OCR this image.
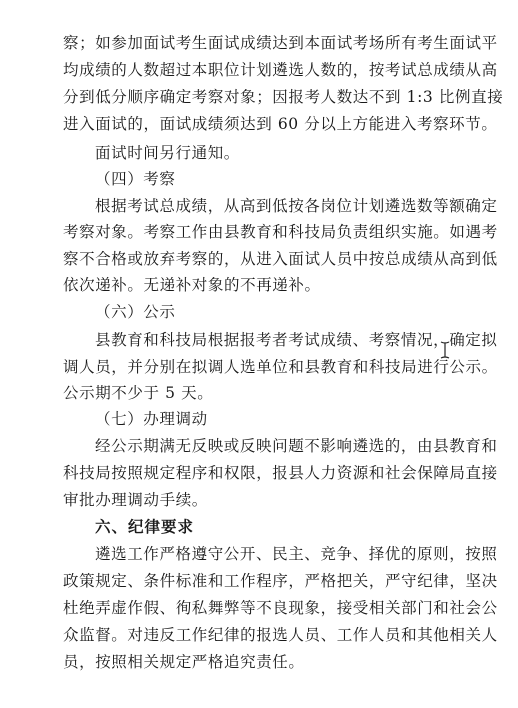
察；如参加面试考生面试成绩达到本面试考场所有考生面试平
均成绩的人数超过本职位计划遴选人数的，按考试总成绩从高
分到低分顺序确定考察对象；因报考人数达不到 1:3 比例直接
进入面试的，面试成绩须达到 60 分以上方能进入考察环节。
面试时间另行通知。
（四）考察
根据考试总成绩，从高到低按各岗位计划遴选数等额确定
考察对象。考察工作由县教育和科技局负责组织实施。如遇考
察不合格或放弃考察的，从进入面试人员中按总成绩从高到低
依次递补。无递补对象的不再递补。
（六）公示
县教育和科技局根据报考者考试成绩、考察情况，确定拟
调人员，并分别在拟调人选单位和县教育和科技局进行公示。
公示期不少于 5 天。
（七）办理调动
经公示期满无反映或反映问题不影响遴选的，由县教育和
科技局按照规定程序和权限，报县人力资源和社会保障局直接
审批办理调动手续。
六、纪律要求
遴选工作严格遵守公开、民主、竞争、择优的原则，按照
政策规定、条件标准和工作程序，严格把关，严守纪律，坚决
杜绝弄虚作假、徇私舞弊等不良现象，接受相关部门和社会公
众监督。对违反工作纪律的报选人员、工作人员和其他相关人
员，按照相关规定严格追究责任。
